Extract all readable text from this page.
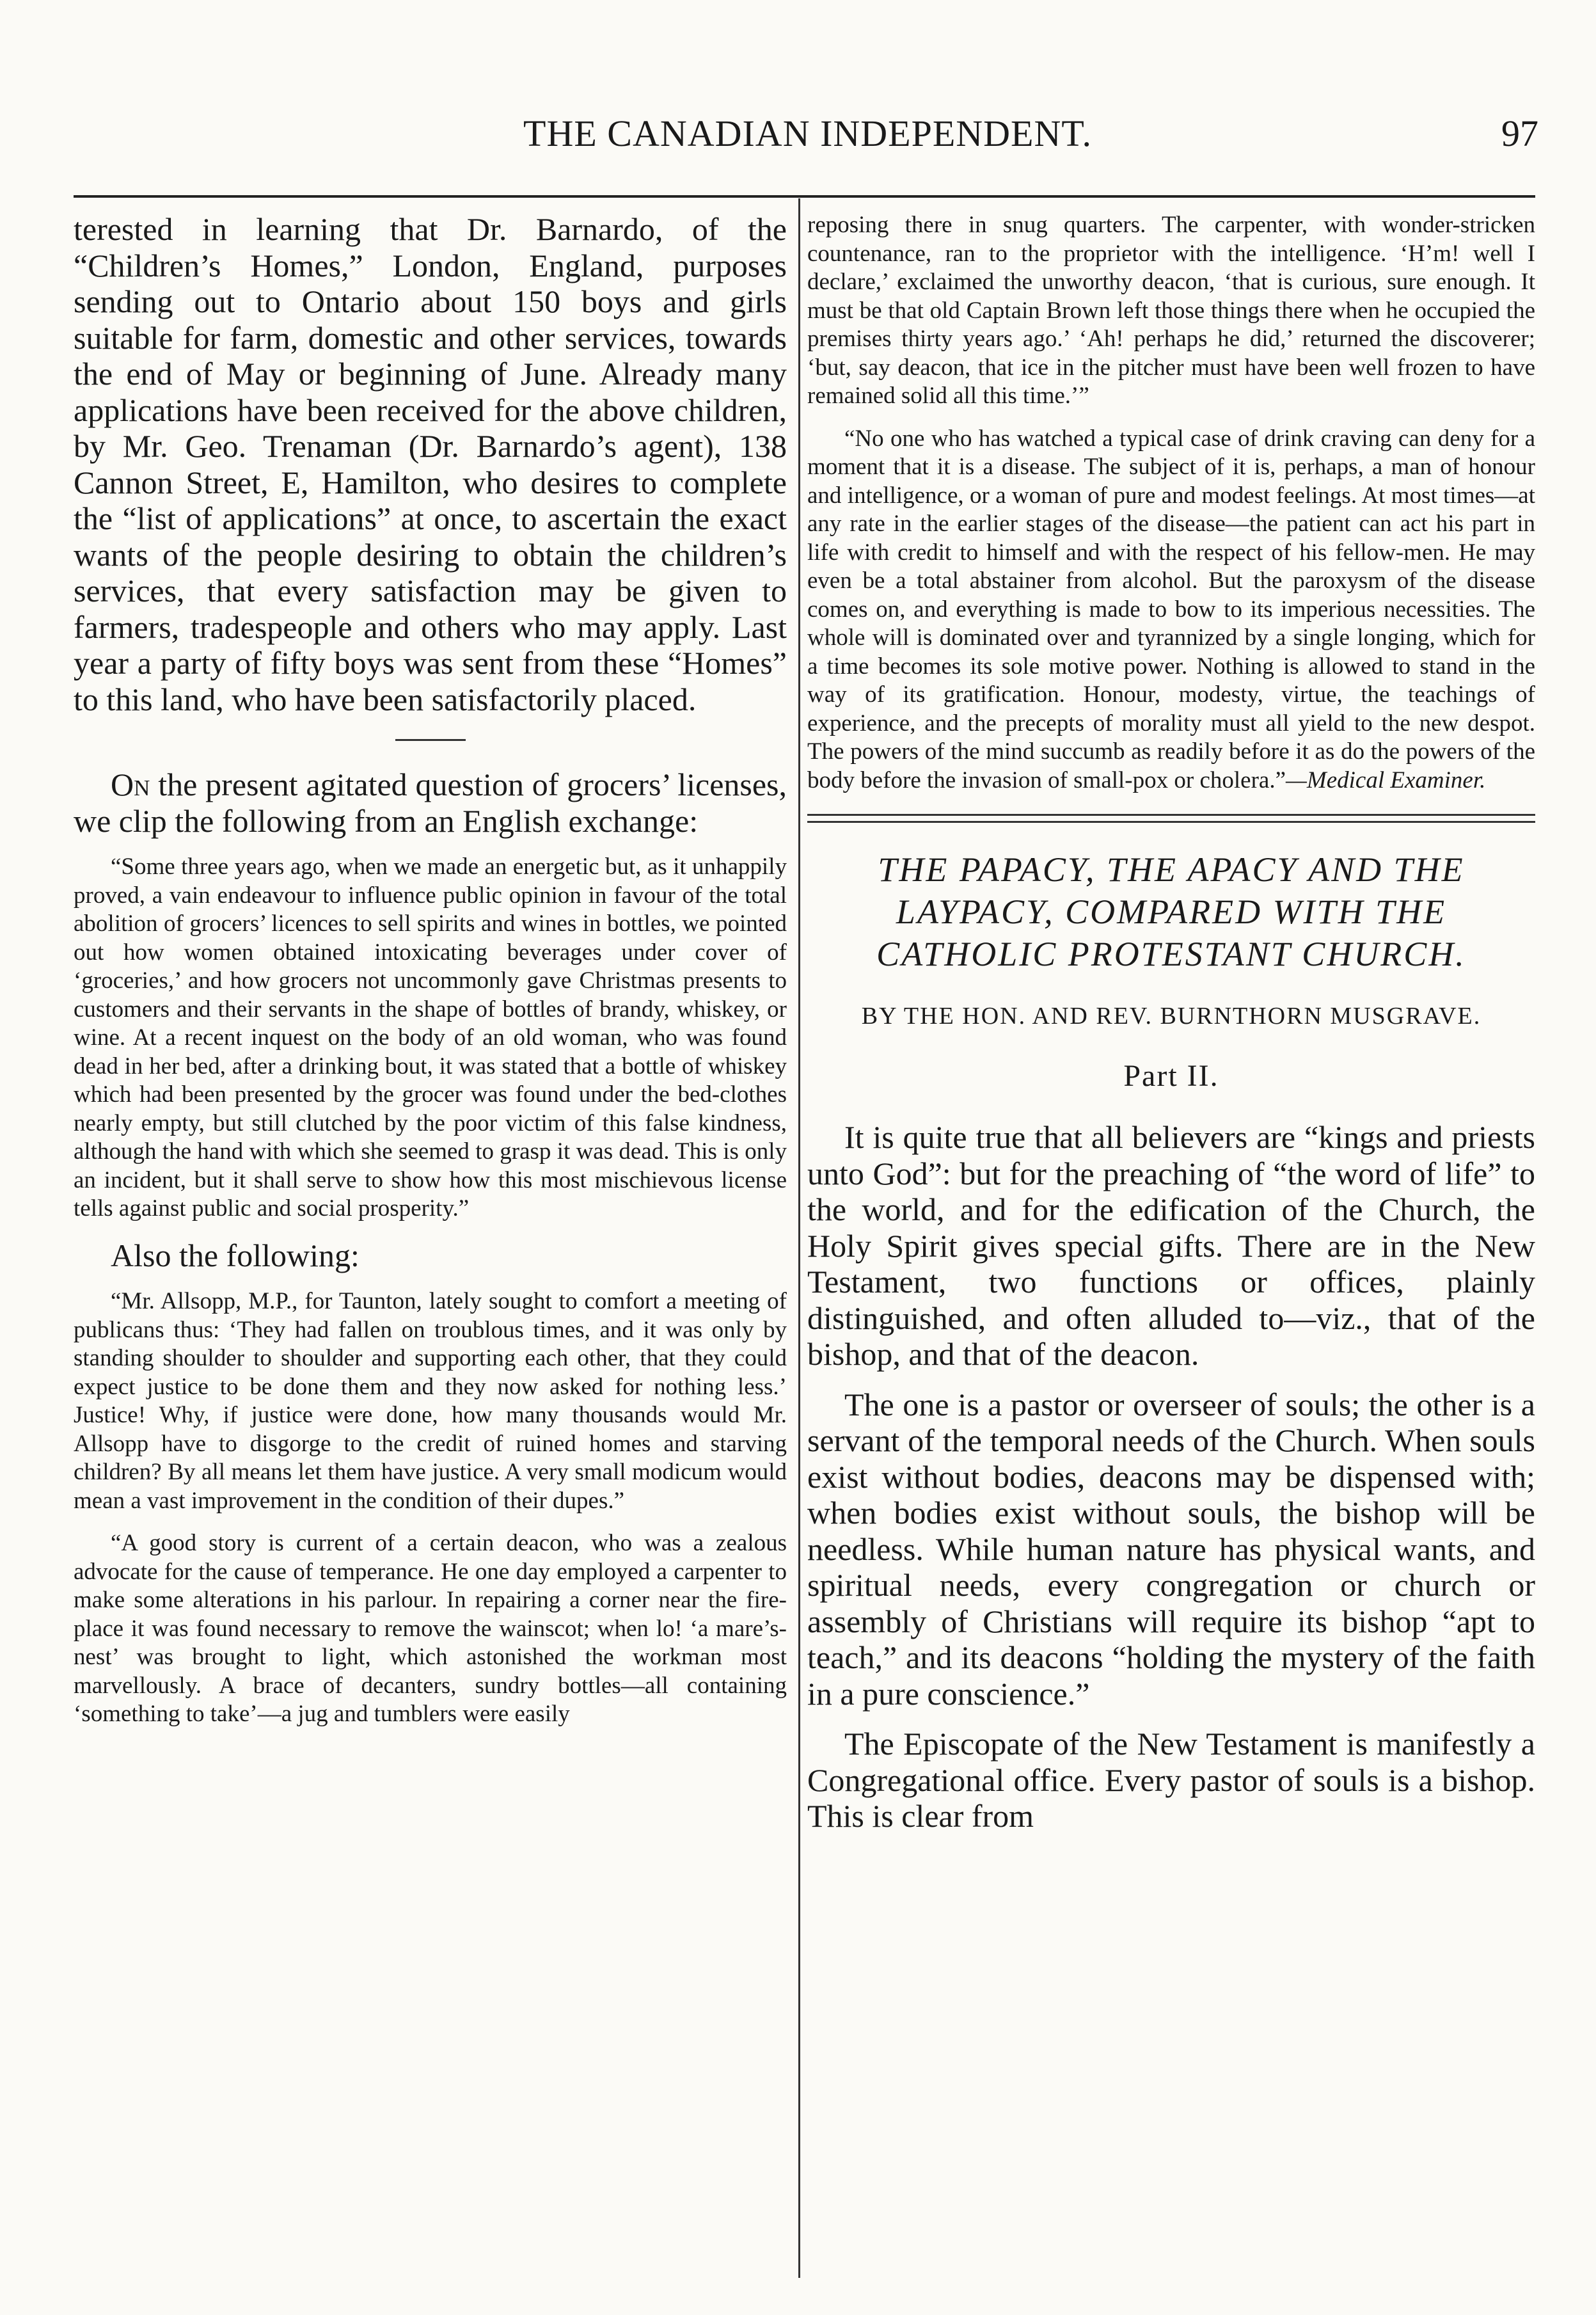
THE CANADIAN INDEPENDENT.	97

terested in learning that Dr. Barnardo, of the “Children’s Homes,” London, England, purposes sending out to Ontario about 150 boys and girls suitable for farm, domestic and other services, towards the end of May or beginning of June. Already many applications have been received for the above children, by Mr. Geo. Trenaman (Dr. Barnardo’s agent), 138 Cannon Street, E, Hamilton, who desires to complete the “list of applications” at once, to ascertain the exact wants of the people desiring to obtain the children’s services, that every satisfaction may be given to farmers, tradespeople and others who may apply. Last year a party of fifty boys was sent from these “Homes” to this land, who have been satisfactorily placed.

On the present agitated question of grocers’ licenses, we clip the following from an English exchange:

“Some three years ago, when we made an energetic but, as it unhappily proved, a vain endeavour to influence public opinion in favour of the total abolition of grocers’ licences to sell spirits and wines in bottles, we pointed out how women obtained intoxicating beverages under cover of ‘groceries,’ and how grocers not uncommonly gave Christmas presents to customers and their servants in the shape of bottles of brandy, whiskey, or wine. At a recent inquest on the body of an old woman, who was found dead in her bed, after a drinking bout, it was stated that a bottle of whiskey which had been presented by the grocer was found under the bed-clothes nearly empty, but still clutched by the poor victim of this false kindness, although the hand with which she seemed to grasp it was dead. This is only an incident, but it shall serve to show how this most mischievous license tells against public and social prosperity.”

Also the following:

“Mr. Allsopp, M.P., for Taunton, lately sought to comfort a meeting of publicans thus: ‘They had fallen on troublous times, and it was only by standing shoulder to shoulder and supporting each other, that they could expect justice to be done them and they now asked for nothing less.’ Justice! Why, if justice were done, how many thousands would Mr. Allsopp have to disgorge to the credit of ruined homes and starving children? By all means let them have justice. A very small modicum would mean a vast improvement in the condition of their dupes.”

“A good story is current of a certain deacon, who was a zealous advocate for the cause of temperance. He one day employed a carpenter to make some alterations in his parlour. In repairing a corner near the fire-place it was found necessary to remove the wainscot; when lo! ‘a mare’s-nest’ was brought to light, which astonished the workman most marvellously. A brace of decanters, sundry bottles—all containing ‘something to take’—a jug and tumblers were easily

reposing there in snug quarters. The carpenter, with wonder-stricken countenance, ran to the proprietor with the intelligence. ‘H’m! well I declare,’ exclaimed the unworthy deacon, ‘that is curious, sure enough. It must be that old Captain Brown left those things there when he occupied the premises thirty years ago.’ ‘Ah! perhaps he did,’ returned the discoverer; ‘but, say deacon, that ice in the pitcher must have been well frozen to have remained solid all this time.’”

“No one who has watched a typical case of drink craving can deny for a moment that it is a disease. The subject of it is, perhaps, a man of honour and intelligence, or a woman of pure and modest feelings. At most times—at any rate in the earlier stages of the disease—the patient can act his part in life with credit to himself and with the respect of his fellow-men. He may even be a total abstainer from alcohol. But the paroxysm of the disease comes on, and everything is made to bow to its imperious necessities. The whole will is dominated over and tyrannized by a single longing, which for a time becomes its sole motive power. Nothing is allowed to stand in the way of its gratification. Honour, modesty, virtue, the teachings of experience, and the precepts of morality must all yield to the new despot. The powers of the mind succumb as readily before it as do the powers of the body before the invasion of small-pox or cholera.”—Medical Examiner.

THE PAPACY, THE APACY AND THE LAYPACY, COMPARED WITH THE CATHOLIC PROTESTANT CHURCH.
BY THE HON. AND REV. BURNTHORN MUSGRAVE.
Part II.

It is quite true that all believers are “kings and priests unto God”: but for the preaching of “the word of life” to the world, and for the edification of the Church, the Holy Spirit gives special gifts. There are in the New Testament, two functions or offices, plainly distinguished, and often alluded to—viz., that of the bishop, and that of the deacon.

The one is a pastor or overseer of souls; the other is a servant of the temporal needs of the Church. When souls exist without bodies, deacons may be dispensed with; when bodies exist without souls, the bishop will be needless. While human nature has physical wants, and spiritual needs, every congregation or church or assembly of Christians will require its bishop “apt to teach,” and its deacons “holding the mystery of the faith in a pure conscience.”

The Episcopate of the New Testament is manifestly a Congregational office. Every pastor of souls is a bishop. This is clear from
